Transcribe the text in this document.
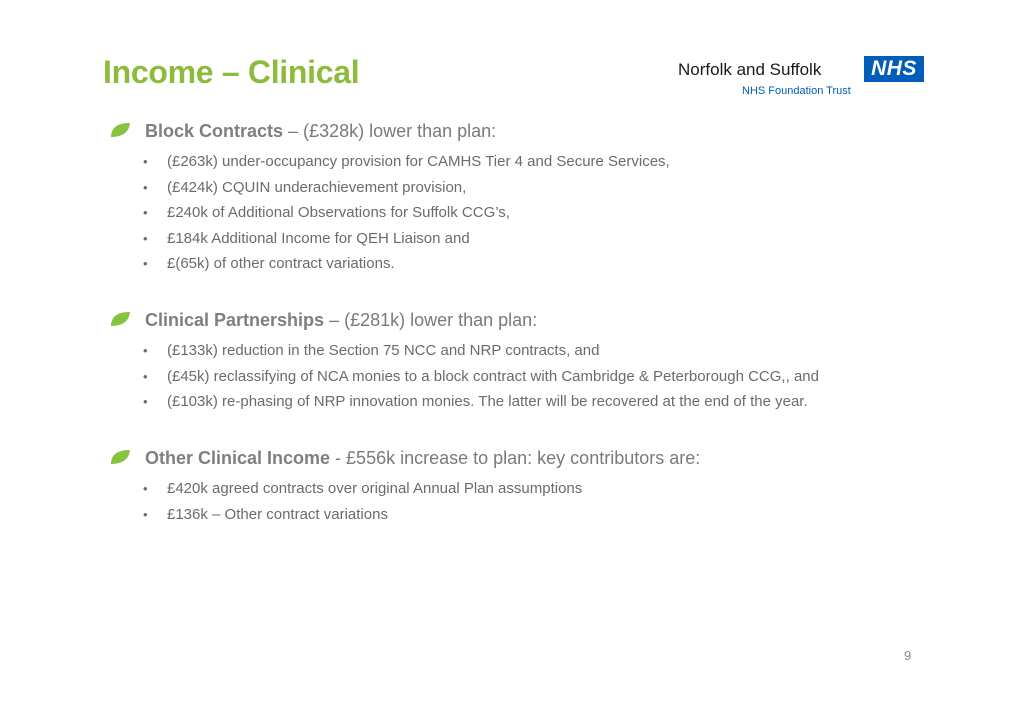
Income – Clinical	Norfolk and Suffolk	NHS
NHS Foundation Trust
Block Contracts – (£328k) lower than plan:
• (£263k) under-occupancy provision for CAMHS Tier 4 and Secure Services,
• (£424k) CQUIN underachievement provision,
• £240k of Additional Observations for Suffolk CCG’s,
• £184k Additional Income for QEH Liaison and
• £(65k) of other contract variations.
Clinical Partnerships – (£281k) lower than plan:
• (£133k) reduction in the Section 75 NCC and NRP contracts, and
• (£45k) reclassifying of NCA monies to a block contract with Cambridge & Peterborough CCG,, and
• (£103k) re-phasing of NRP innovation monies. The latter will be recovered at the end of the year.
Other Clinical Income - £556k increase to plan: key contributors are:
• £420k agreed contracts over original Annual Plan assumptions
• £136k – Other contract variations
9
